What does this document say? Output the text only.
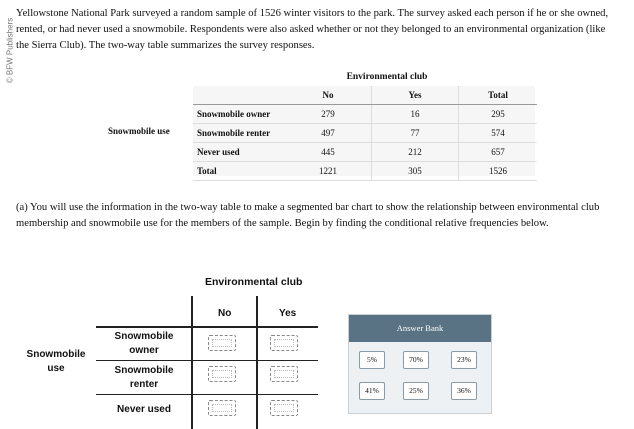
© BFW Publishers
Yellowstone National Park surveyed a random sample of 1526 winter visitors to the park. The survey asked each person if he or she owned, rented, or had never used a snowmobile. Respondents were also asked whether or not they belonged to an environmental organization (like the Sierra Club). The two-way table summarizes the survey responses.
Environmental club
Snowmobile use
	No	Yes	Total
Snowmobile owner	279	16	295
Snowmobile renter	497	77	574
Never used	445	212	657
Total	1221	305	1526
(a) You will use the information in the two-way table to make a segmented bar chart to show the relationship between environmental club membership and snowmobile use for the members of the sample. Begin by finding the conditional relative frequencies below.
Environmental club
No	Yes
Snowmobile
use
Snowmobile
owner
Snowmobile
renter
Never used
Answer Bank
5%	70%	23%
41%	25%	36%
